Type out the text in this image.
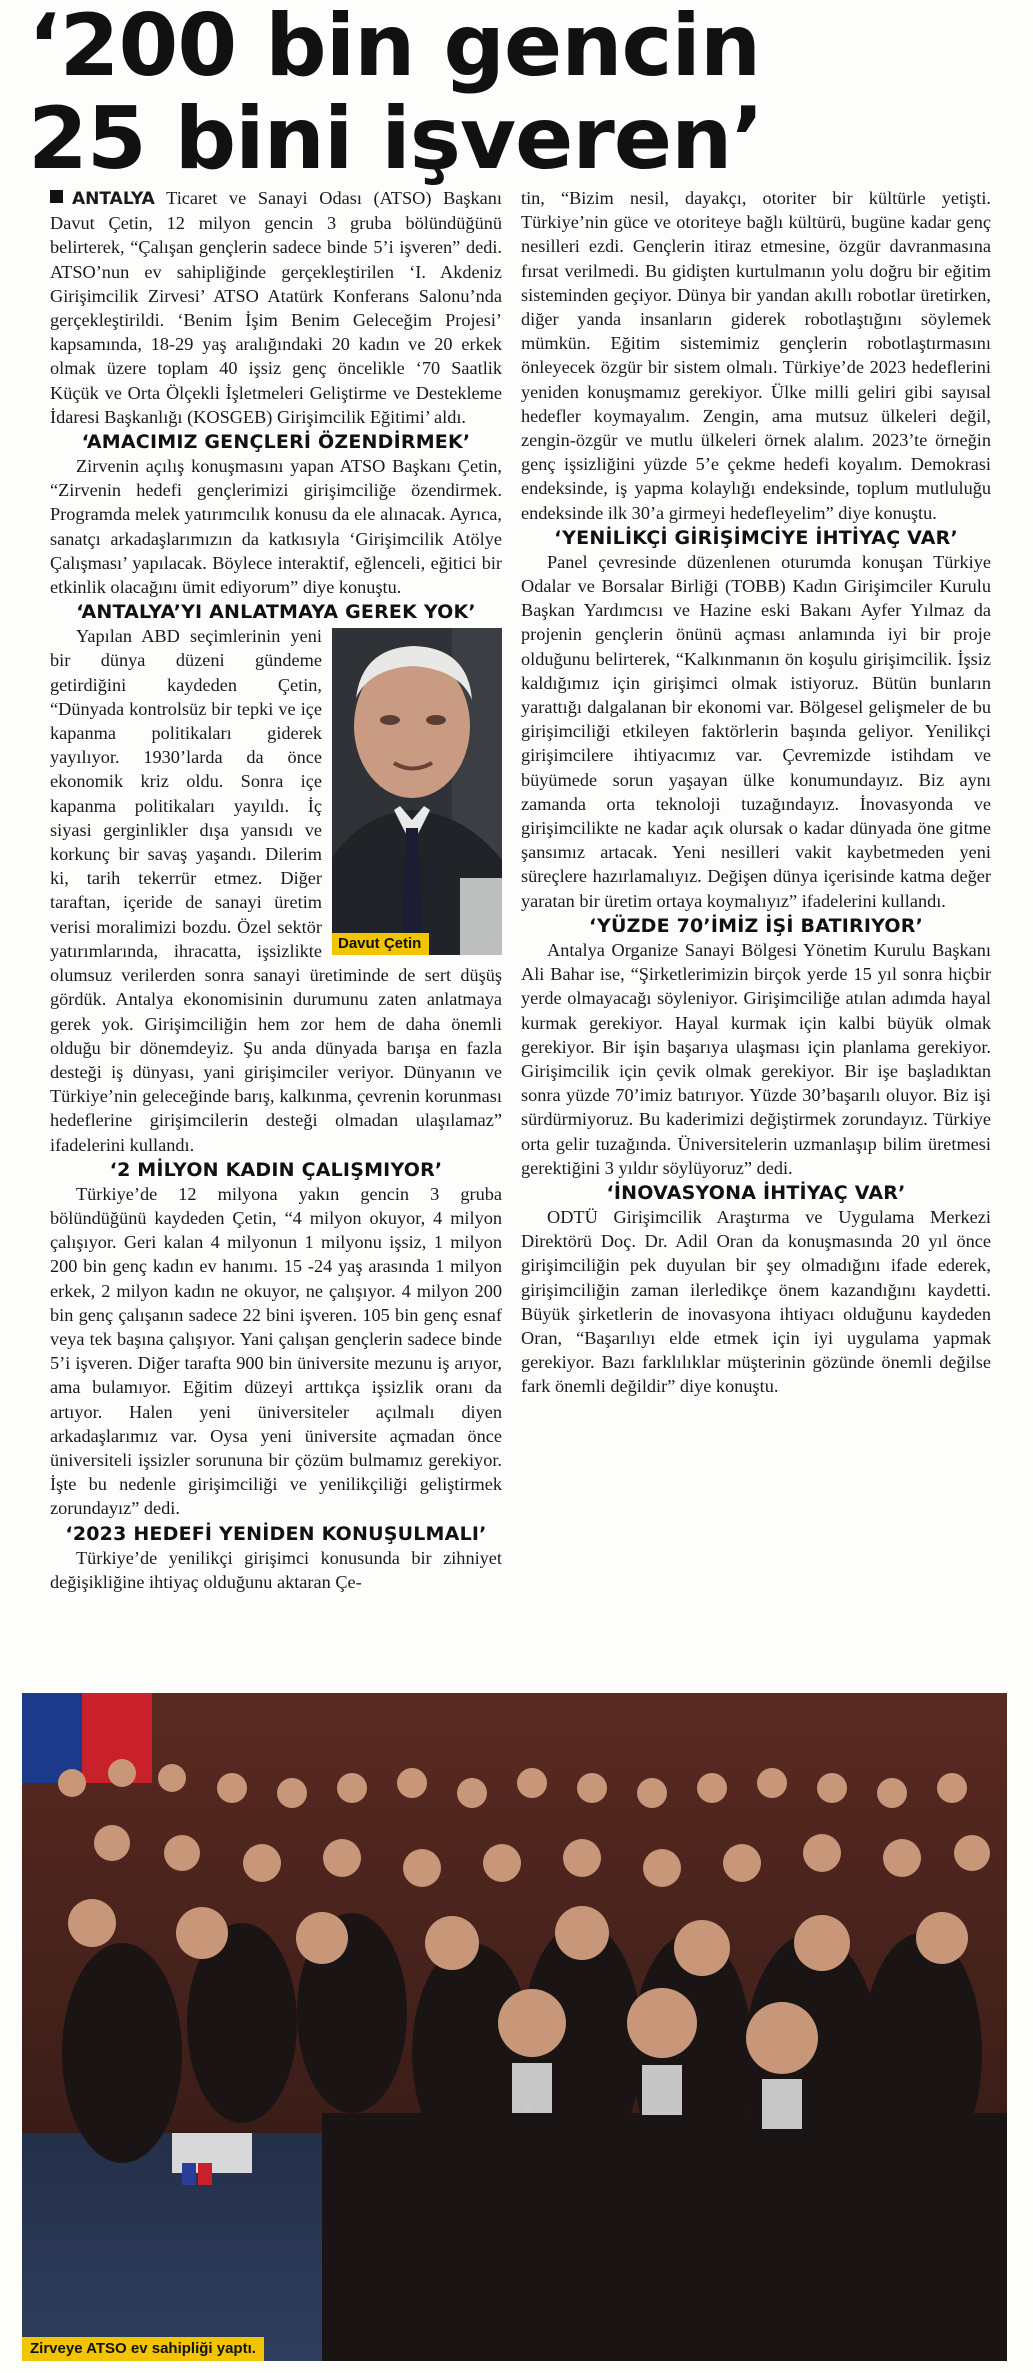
‘200 bin gencin
25 bini işveren’

ANTALYA Ticaret ve Sanayi Odası (ATSO) Başkanı Davut Çetin, 12 milyon gencin 3 gruba bölündüğünü belirterek, “Çalışan gençlerin sadece binde 5’i işveren” dedi. ATSO’nun ev sahipliğinde gerçekleştirilen ‘I. Akdeniz Girişimcilik Zirvesi’ ATSO Atatürk Konferans Salonu’nda gerçekleştirildi. ‘Benim İşim Benim Geleceğim Projesi’ kapsamında, 18-29 yaş aralığındaki 20 kadın ve 20 erkek olmak üzere toplam 40 işsiz genç öncelikle ‘70 Saatlik Küçük ve Orta Ölçekli İşletmeleri Geliştirme ve Destekleme İdaresi Başkanlığı (KOSGEB) Girişimcilik Eğitimi’ aldı.

‘AMACIMIZ GENÇLERİ ÖZENDİRMEK’

Zirvenin açılış konuşmasını yapan ATSO Başkanı Çetin, “Zirvenin hedefi gençlerimizi girişimciliğe özendirmek. Programda melek yatırımcılık konusu da ele alınacak. Ayrıca, sanatçı arkadaşlarımızın da katkısıyla ‘Girişimcilik Atölye Çalışması’ yapılacak. Böylece interaktif, eğlenceli, eğitici bir etkinlik olacağını ümit ediyorum” diye konuştu.

‘ANTALYA’YI ANLATMAYA GEREK YOK’
Davut Çetin

Yapılan ABD seçimlerinin yeni bir dünya düzeni gündeme getirdiğini kaydeden Çetin, “Dünyada kontrolsüz bir tepki ve içe kapanma politikaları giderek yayılıyor. 1930’larda da önce ekonomik kriz oldu. Sonra içe kapanma politikaları yayıldı. İç siyasi gerginlikler dışa yansıdı ve korkunç bir savaş yaşandı. Dilerim ki, tarih tekerrür etmez. Diğer taraftan, içeride de sanayi üretim verisi moralimizi bozdu. Özel sektör yatırımlarında, ihracatta, işsizlikte olumsuz verilerden sonra sanayi üretiminde de sert düşüş gördük. Antalya ekonomisinin durumunu zaten anlatmaya gerek yok. Girişimciliğin hem zor hem de daha önemli olduğu bir dönemdeyiz. Şu anda dünyada barışa en fazla desteği iş dünyası, yani girişimciler veriyor. Dünyanın ve Türkiye’nin geleceğinde barış, kalkınma, çevrenin korunması hedeflerine girişimcilerin desteği olmadan ulaşılamaz” ifadelerini kullandı.

‘2 MİLYON KADIN ÇALIŞMIYOR’

Türkiye’de 12 milyona yakın gencin 3 gruba bölündüğünü kaydeden Çetin, “4 milyon okuyor, 4 milyon çalışıyor. Geri kalan 4 milyonun 1 milyonu işsiz, 1 milyon 200 bin genç kadın ev hanımı. 15 -24 yaş arasında 1 milyon erkek, 2 milyon kadın ne okuyor, ne çalışıyor. 4 milyon 200 bin genç çalışanın sadece 22 bini işveren. 105 bin genç esnaf veya tek başına çalışıyor. Yani çalışan gençlerin sadece binde 5’i işveren. Diğer tarafta 900 bin üniversite mezunu iş arıyor, ama bulamıyor. Eğitim düzeyi arttıkça işsizlik oranı da artıyor. Halen yeni üniversiteler açılmalı diyen arkadaşlarımız var. Oysa yeni üniversite açmadan önce üniversiteli işsizler sorununa bir çözüm bulmamız gerekiyor. İşte bu nedenle girişimciliği ve yenilikçiliği geliştirmek zorundayız” dedi.

‘2023 HEDEFİ YENİDEN KONUŞULMALI’

Türkiye’de yenilikçi girişimci konusunda bir zihniyet değişikliğine ihtiyaç olduğunu aktaran Çe-

tin, “Bizim nesil, dayakçı, otoriter bir kültürle yetişti. Türkiye’nin güce ve otoriteye bağlı kültürü, bugüne kadar genç nesilleri ezdi. Gençlerin itiraz etmesine, özgür davranmasına fırsat verilmedi. Bu gidişten kurtulmanın yolu doğru bir eğitim sisteminden geçiyor. Dünya bir yandan akıllı robotlar üretirken, diğer yanda insanların giderek robotlaştığını söylemek mümkün. Eğitim sistemimiz gençlerin robotlaştırmasını önleyecek özgür bir sistem olmalı. Türkiye’de 2023 hedeflerini yeniden konuşmamız gerekiyor. Ülke milli geliri gibi sayısal hedefler koymayalım. Zengin, ama mutsuz ülkeleri değil, zengin-özgür ve mutlu ülkeleri örnek alalım. 2023’te örneğin genç işsizliğini yüzde 5’e çekme hedefi koyalım. Demokrasi endeksinde, iş yapma kolaylığı endeksinde, toplum mutluluğu endeksinde ilk 30’a girmeyi hedefleyelim” diye konuştu.

‘YENİLİKÇİ GİRİŞİMCİYE İHTİYAÇ VAR’

Panel çevresinde düzenlenen oturumda konuşan Türkiye Odalar ve Borsalar Birliği (TOBB) Kadın Girişimciler Kurulu Başkan Yardımcısı ve Hazine eski Bakanı Ayfer Yılmaz da projenin gençlerin önünü açması anlamında iyi bir proje olduğunu belirterek, “Kalkınmanın ön koşulu girişimcilik. İşsiz kaldığımız için girişimci olmak istiyoruz. Bütün bunların yarattığı dalgalanan bir ekonomi var. Bölgesel gelişmeler de bu girişimciliği etkileyen faktörlerin başında geliyor. Yenilikçi girişimcilere ihtiyacımız var. Çevremizde istihdam ve büyümede sorun yaşayan ülke konumundayız. Biz aynı zamanda orta teknoloji tuzağındayız. İnovasyonda ve girişimcilikte ne kadar açık olursak o kadar dünyada öne gitme şansımız artacak. Yeni nesilleri vakit kaybetmeden yeni süreçlere hazırlamalıyız. Değişen dünya içerisinde katma değer yaratan bir üretim ortaya koymalıyız” ifadelerini kullandı.

‘YÜZDE 70’İMİZ İŞİ BATIRIYOR’

Antalya Organize Sanayi Bölgesi Yönetim Kurulu Başkanı Ali Bahar ise, “Şirketlerimizin birçok yerde 15 yıl sonra hiçbir yerde olmayacağı söyleniyor. Girişimciliğe atılan adımda hayal kurmak gerekiyor. Hayal kurmak için kalbi büyük olmak gerekiyor. Bir işin başarıya ulaşması için planlama gerekiyor. Girişimcilik için çevik olmak gerekiyor. Bir işe başladıktan sonra yüzde 70’imiz batırıyor. Yüzde 30’başarılı oluyor. Biz işi sürdürmiyoruz. Bu kaderimizi değiştirmek zorundayız. Türkiye orta gelir tuzağında. Üniversitelerin uzmanlaşıp bilim üretmesi gerektiğini 3 yıldır söylüyoruz” dedi.

‘İNOVASYONA İHTİYAÇ VAR’

ODTÜ Girişimcilik Araştırma ve Uygulama Merkezi Direktörü Doç. Dr. Adil Oran da konuşmasında 20 yıl önce girişimciliğin pek duyulan bir şey olmadığını ifade ederek, girişimciliğin zaman ilerledikçe önem kazandığını kaydetti. Büyük şirketlerin de inovasyona ihtiyacı olduğunu kaydeden Oran, “Başarılıyı elde etmek için iyi uygulama yapmak gerekiyor. Bazı farklılıklar müşterinin gözünde önemli değilse fark önemli değildir” diye konuştu.

Zirveye ATSO ev sahipliği yaptı.
